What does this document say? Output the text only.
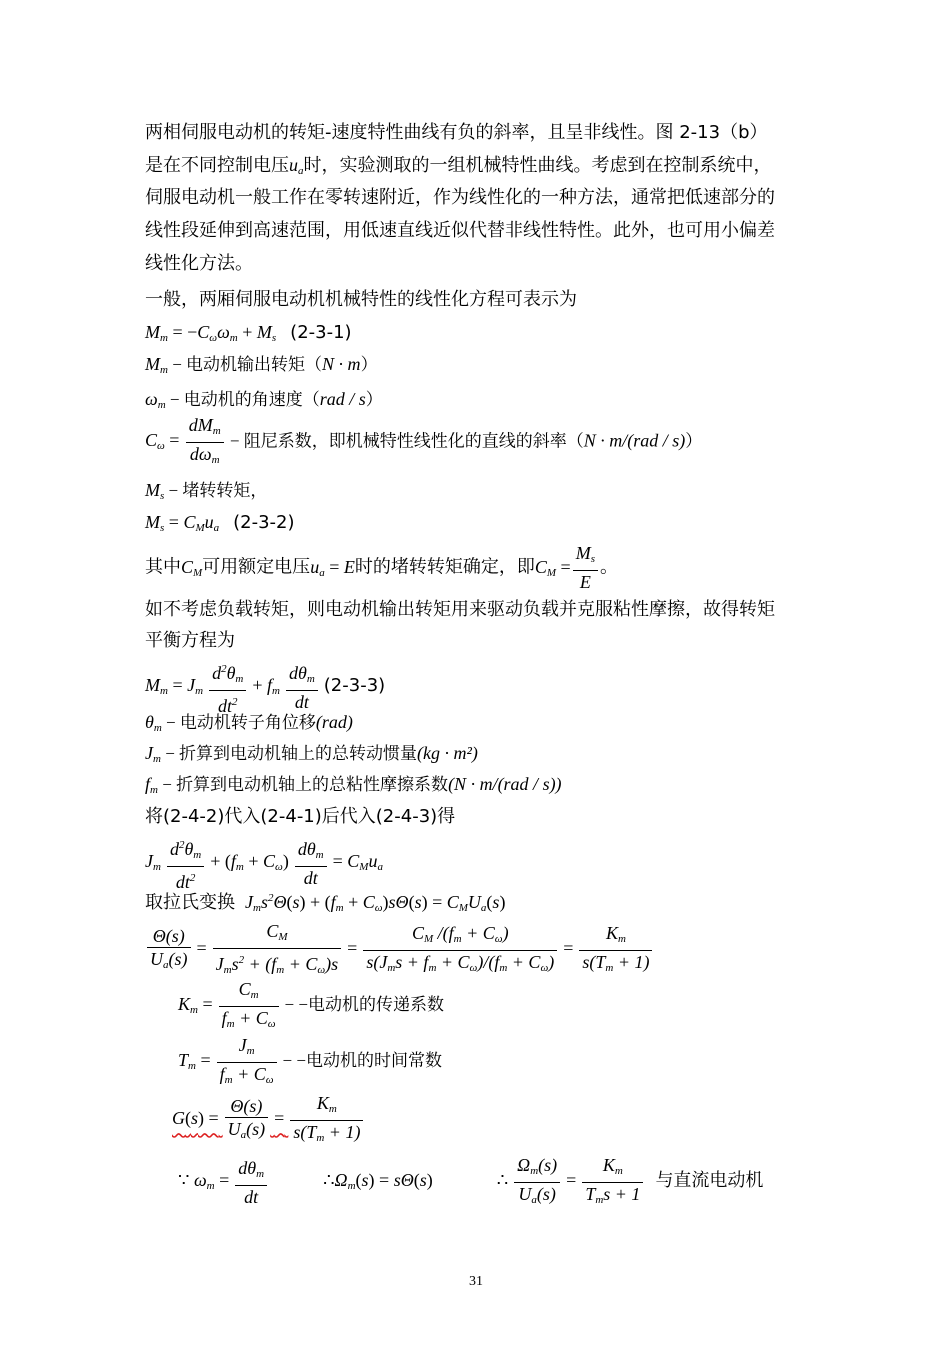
两相伺服电动机的转矩-速度特性曲线有负的斜率，且呈非线性。图 2-13（b）
是在不同控制电压$u_a$时，实验测取的一组机械特性曲线。考虑到在控制系统中，
伺服电动机一般工作在零转速附近，作为线性化的一种方法，通常把低速部分的
线性段延伸到高速范围，用低速直线近似代替非线性特性。此外，也可用小偏差
线性化方法。
一般，两厢伺服电动机机械特性的线性化方程可表示为
$M_m = -C_\omega\omega_m + M_s$ (2-3-1)
$M_m$ − 电动机输出转矩（N · m）
$\omega_m$ − 电动机的角速度（rad / s）
$C_\omega = \frac{dM_m}{d\omega_m}$ − 阻尼系数，即机械特性线性化的直线的斜率（N · m/(rad / s)）
$M_s$ − 堵转转矩，
$M_s = C_Mu_a$ (2-3-2)
其中$C_M$可用额定电压$u_a = E$时的堵转转矩确定，即$C_M = \frac{M_s}{E}$ 。
如不考虑负载转矩，则电动机输出转矩用来驱动负载并克服粘性摩擦，故得转矩
平衡方程为
$M_m = J_m \frac{d^2\theta_m}{dt^2} + f_m \frac{d\theta_m}{dt} (2-3-3)$
$\theta_m$ − 电动机转子角位移(rad)
$J_m$ − 折算到电动机轴上的总转动惯量(kg · m²)
$f_m$ − 折算到电动机轴上的总粘性摩擦系数(N · m/(rad / s))
将(2-4-2)代入(2-4-1)后代入(2-4-3)得
$J_m \frac{d^2\theta_m}{dt^2} + (f_m + C_\omega) \frac{d\theta_m}{dt} = C_Mu_a$
取拉氏变换 $J_ms^2\Theta(s) + (f_m + C_\omega)s\Theta(s) = C_MU_a(s)$
$\frac{\Theta(s)}{U_a(s)} = \frac{C_M}{J_ms^2 + (f_m + C_\omega)s} = \frac{C_M /(f_m + C_\omega)}{s(J_ms + f_m + C_\omega)/(f_m + C_\omega)} = \frac{K_m}{s(T_m + 1)}$
$K_m = \frac{C_m}{f_m + C_\omega}$ − −电动机的传递系数
$T_m = \frac{J_m}{f_m + C_\omega}$ − −电动机的时间常数
$G(s) = \frac{\Theta(s)}{U_a(s)} = \frac{K_m}{s(T_m + 1)}$
∵ $\omega_m = \frac{d\theta_m}{dt}$	$\therefore\Omega_m(s) = s\Theta(s)$	∴ $\frac{\Omega_m(s)}{U_a(s)} = \frac{K_m}{T_ms + 1}$ 与直流电动机
31
